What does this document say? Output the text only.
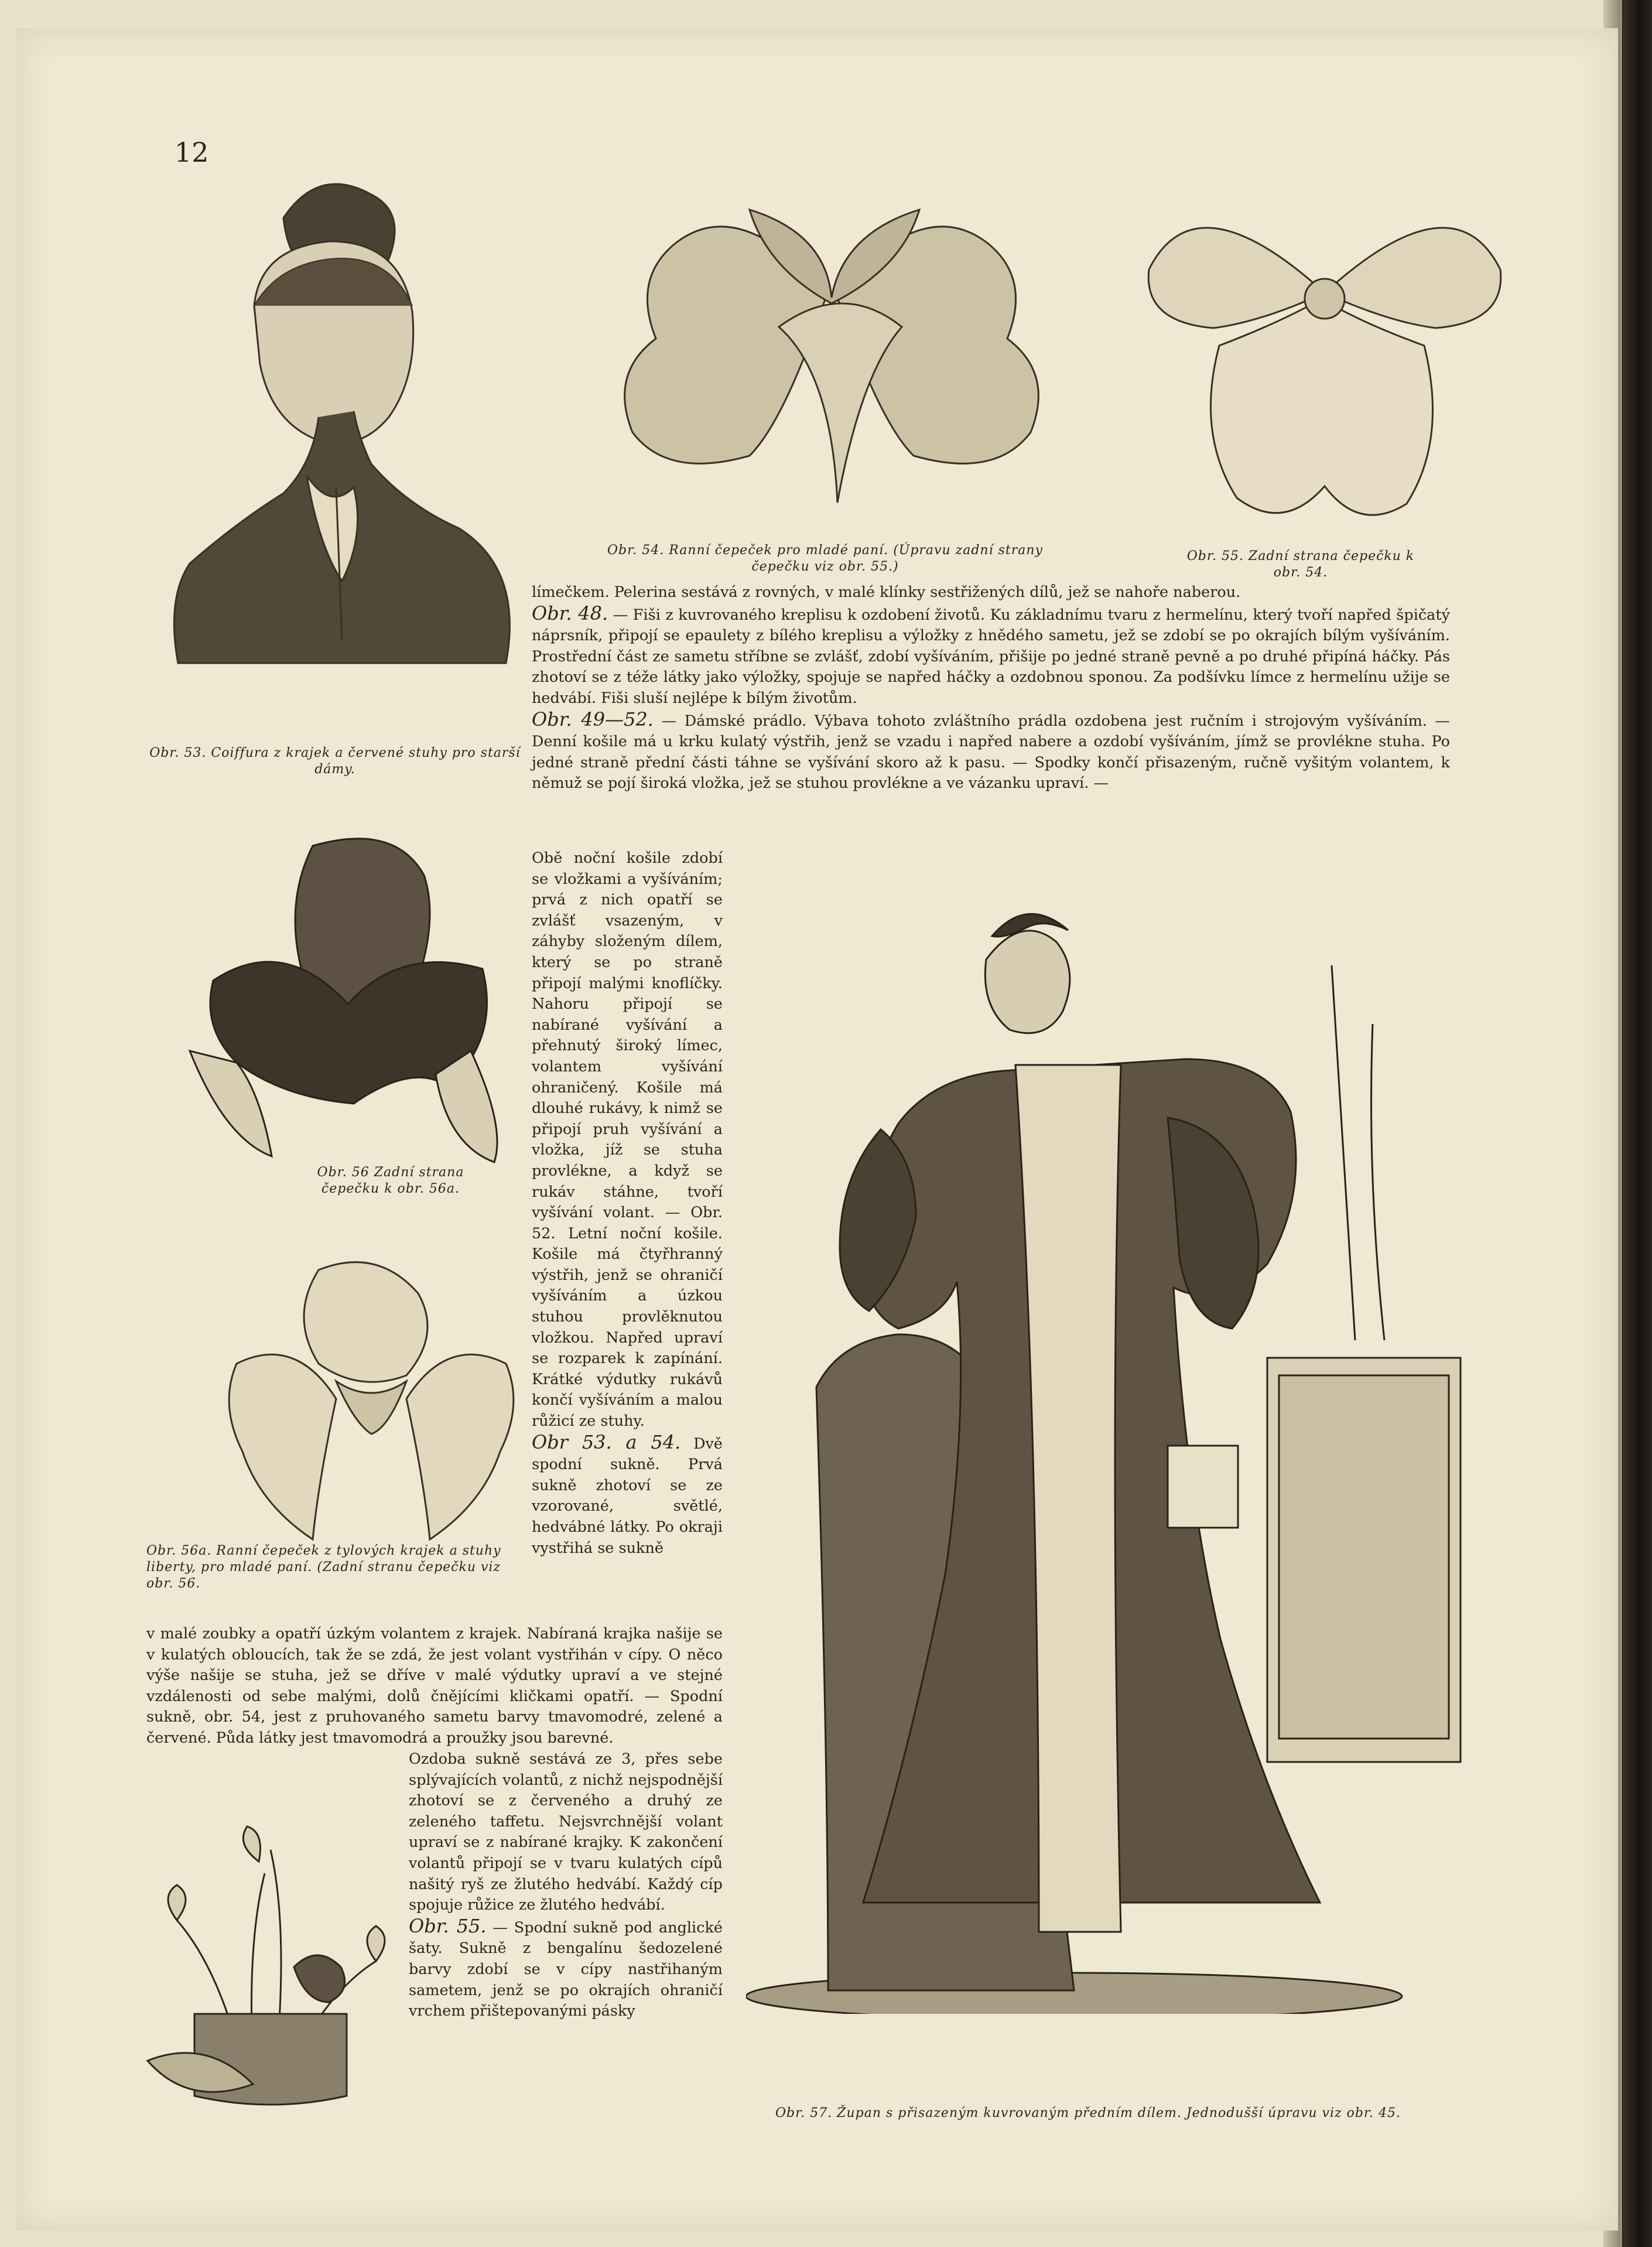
12
Obr. 53. Coiffura z krajek a červené stuhy pro starší dámy.
Obr. 54. Ranní čepeček pro mladé paní. (Úpravu zadní strany čepečku viz obr. 55.)
Obr. 55. Zadní strana čepečku k obr. 54.
Obr. 56 Zadní strana čepečku k obr. 56a.
Obr. 56a. Ranní čepeček z tylových krajek a stuhy liberty, pro mladé paní. (Zadní stranu čepečku viz obr. 56.
Obr. 57. Župan s přisazeným kuvrovaným předním dílem. Jednodušší úpravu viz obr. 45.
límečkem. Pelerina sestává z rovných, v malé klínky sestřižených dílů, jež se nahoře naberou.
Obr. 48. — Fiši z kuvrovaného kreplisu k ozdobení životů. Ku základnímu tvaru z hermelínu, který tvoří napřed špičatý náprsník, připojí se epaulety z bílého kreplisu a výložky z hnědého sametu, jež se zdobí se po okrajích bílým vyšíváním. Prostřední část ze sametu stříbne se zvlášť, zdobí vyšíváním, přišije po jedné straně pevně a po druhé připíná háčky. Pás zhotoví se z téže látky jako výložky, spojuje se napřed háčky a ozdobnou sponou. Za podšívku límce z hermelínu užije se hedvábí. Fiši sluší nejlépe k bílým životům.
Obr. 49—52. — Dámské prádlo. Výbava tohoto zvláštního prádla ozdobena jest ručním i strojovým vyšíváním. — Denní košile má u krku kulatý výstřih, jenž se vzadu i napřed nabere a ozdobí vyšíváním, jímž se provlékne stuha. Po jedné straně přední části táhne se vyšívání skoro až k pasu. — Spodky končí přisazeným, ručně vyšitým volantem, k němuž se pojí široká vložka, jež se stuhou provlékne a ve vázanku upraví. —
Obě noční košile zdobí se vložkami a vyšíváním; prvá z nich opatří se zvlášť vsazeným, v záhyby složeným dílem, který se po straně připojí malými knoflíčky. Nahoru připojí se nabírané vyšívání a přehnutý široký límec, volantem vyšívání ohraničený. Košile má dlouhé rukávy, k nimž se připojí pruh vyšívání a vložka, jíž se stuha provlékne, a když se rukáv stáhne, tvoří vyšívání volant. — Obr. 52. Letní noční košile. Košile má čtyřhranný výstřih, jenž se ohraničí vyšíváním a úzkou stuhou provlěknutou vložkou. Napřed upraví se rozparek k zapínání. Krátké výdutky rukávů končí vyšíváním a malou růžicí ze stuhy.
Obr 53. a 54. Dvě spodní sukně. Prvá sukně zhotoví se ze vzorované, světlé, hedvábné látky. Po okraji vystřihá se sukně
v malé zoubky a opatří úzkým volantem z krajek. Nabíraná krajka našije se v kulatých obloucích, tak že se zdá, že jest volant vystřihán v cípy. O něco výše našije se stuha, jež se dříve v malé výdutky upraví a ve stejné vzdálenosti od sebe malými, dolů čnějícími kličkami opatří. — Spodní sukně, obr. 54, jest z pruhovaného sametu barvy tmavomodré, zelené a červené. Půda látky jest tmavomodrá a proužky jsou barevné.
Ozdoba sukně sestává ze 3, přes sebe splývajících volantů, z nichž nejspodnější zhotoví se z červeného a druhý ze zeleného taffetu. Nejsvrchnější volant upraví se z nabírané krajky. K zakončení volantů připojí se v tvaru kulatých cípů našitý ryš ze žlutého hedvábí. Každý cíp spojuje růžice ze žlutého hedvábí.
Obr. 55. — Spodní sukně pod anglické šaty. Sukně z bengalínu šedozelené barvy zdobí se v cípy nastřihaným sametem, jenž se po okrajích ohraničí vrchem přištepovanými pásky
